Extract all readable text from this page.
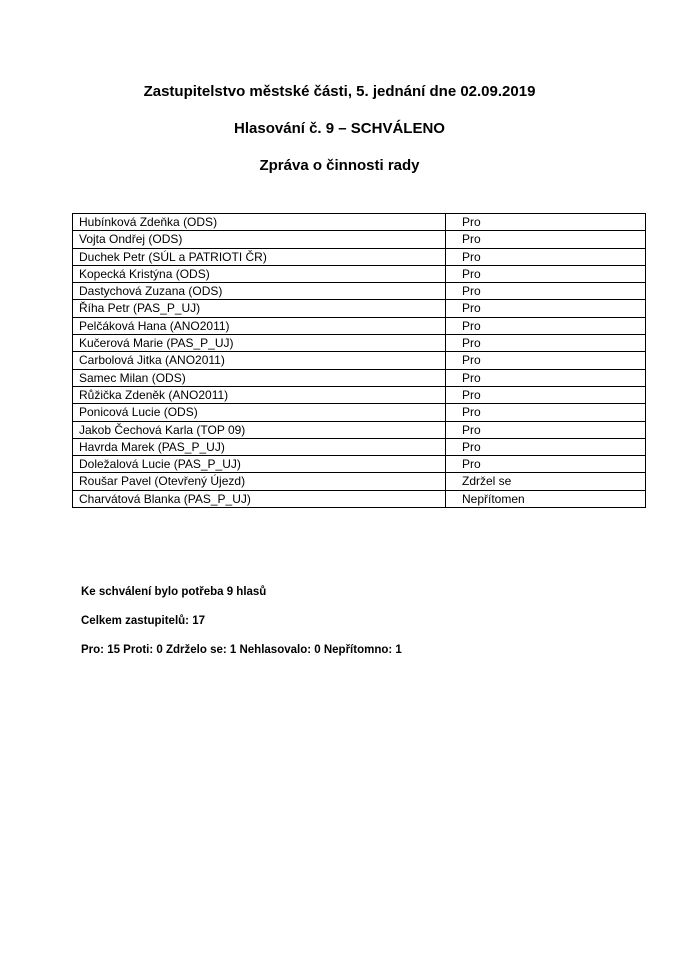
Zastupitelstvo městské části, 5. jednání dne 02.09.2019
Hlasování č. 9 – SCHVÁLENO
Zpráva o činnosti rady
Hubínková Zdeňka (ODS)	Pro
Vojta Ondřej (ODS)	Pro
Duchek Petr (SÚL a PATRIOTI ČR)	Pro
Kopecká Kristýna (ODS)	Pro
Dastychová Zuzana (ODS)	Pro
Říha Petr (PAS_P_UJ)	Pro
Pelčáková Hana (ANO2011)	Pro
Kučerová Marie (PAS_P_UJ)	Pro
Carbolová Jitka (ANO2011)	Pro
Samec Milan (ODS)	Pro
Růžička Zdeněk (ANO2011)	Pro
Ponicová Lucie (ODS)	Pro
Jakob Čechová Karla (TOP 09)	Pro
Havrda Marek (PAS_P_UJ)	Pro
Doležalová Lucie (PAS_P_UJ)	Pro
Roušar Pavel (Otevřený Újezd)	Zdržel se
Charvátová Blanka (PAS_P_UJ)	Nepřítomen
Ke schválení bylo potřeba 9 hlasů
Celkem zastupitelů: 17
Pro: 15 Proti: 0 Zdrželo se: 1 Nehlasovalo: 0 Nepřítomno: 1
